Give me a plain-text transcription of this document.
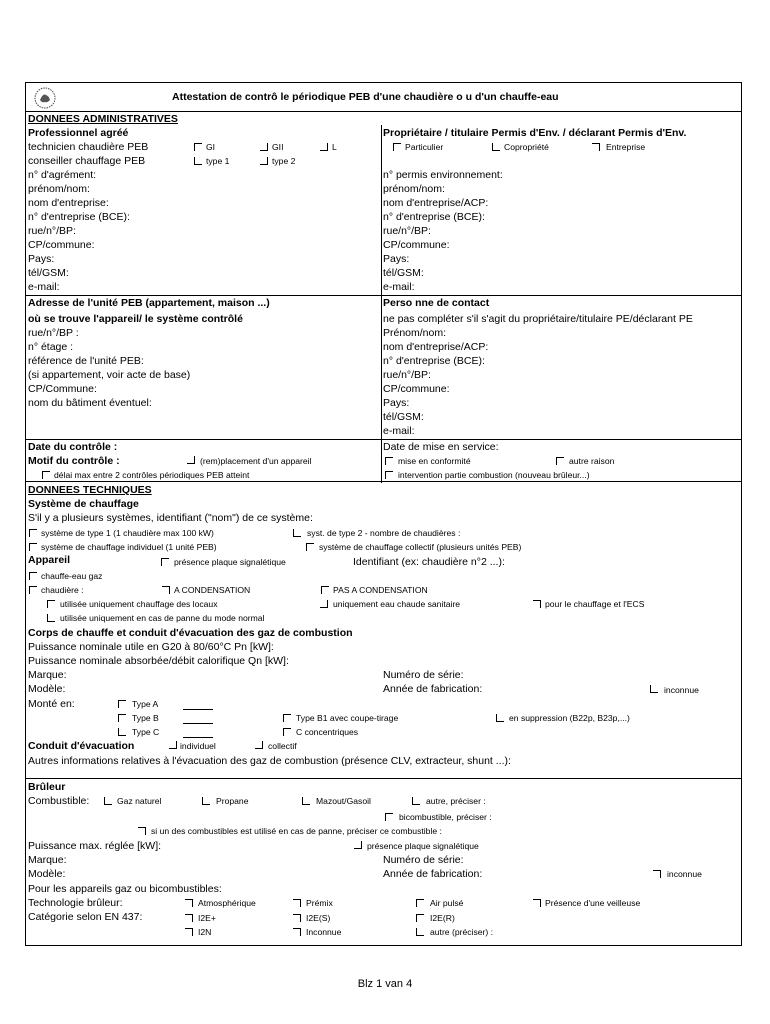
Attestation de contrô le périodique PEB d'une chaudière o u d'un chauffe-eau
DONNEES ADMINISTRATIVES
Professionnel agréé
technicien chaudière PEB	GI	GII	L
conseiller chauffage PEB	type 1	type 2
n° d'agrément:
prénom/nom:
nom d'entreprise:
n° d'entreprise (BCE):
rue/n°/BP:
CP/commune:
Pays:
tél/GSM:
e-mail:
Propriétaire / titulaire Permis d'Env. / déclarant Permis d'Env.
Particulier	Copropriété	Entreprise
n° permis environnement:
prénom/nom:
nom d'entreprise/ACP:
n° d'entreprise (BCE):
rue/n°/BP:
CP/commune:
Pays:
tél/GSM:
e-mail:
Adresse de l'unité PEB (appartement, maison ...)
où se trouve l'appareil/ le système contrôlé
rue/n°/BP :
n° étage :
référence de l'unité PEB:
(si appartement, voir acte de base)
CP/Commune:
nom du bâtiment éventuel:
Perso nne de contact
ne pas compléter s'il s'agit du propriétaire/titulaire PE/déclarant PE
Prénom/nom:
nom d'entreprise/ACP:
n° d'entreprise (BCE):
rue/n°/BP:
CP/commune:
Pays:
tél/GSM:
e-mail:
Date du contrôle :
Motif du contrôle :	(rem)placement d'un appareil
délai max entre 2 contrôles périodiques PEB atteint
Date de mise en service:
mise en conformité	autre raison
intervention partie combustion (nouveau brûleur...)
DONNEES TECHNIQUES
Système de chauffage
S'il y a plusieurs systèmes, identifiant ("nom") de ce système:
système de type 1 (1 chaudière max 100 kW)	syst. de type 2 - nombre de chaudières :
système de chauffage individuel (1 unité PEB)	système de chauffage collectif (plusieurs unités PEB)
Appareil	présence plaque signalétique	Identifiant (ex: chaudière n°2 ...):
chauffe-eau gaz
chaudière :	A CONDENSATION	PAS A CONDENSATION
utilisée uniquement chauffage des locaux	uniquement eau chaude sanitaire	pour le chauffage et l'ECS
utilisée uniquement en cas de panne du mode normal
Corps de chauffe et conduit d'évacuation des gaz de combustion
Puissance nominale utile en G20 à 80/60°C Pn [kW]:
Puissance nominale absorbée/débit calorifique Qn [kW]:
Marque:	Numéro de série:
Modèle:	Année de fabrication:	inconnue
Monté en:	Type A
Type B	Type B1 avec coupe-tirage	en suppression (B22p, B23p,...)
Type C	C concentriques
Conduit d'évacuation	individuel	collectif
Autres informations relatives à l'évacuation des gaz de combustion (présence CLV, extracteur, shunt ...):
Brûleur
Combustible:	Gaz naturel	Propane	Mazout/Gasoil	autre, préciser :
bicombustible, préciser :
si un des combustibles est utilisé en cas de panne, préciser ce combustible :
Puissance max. réglée [kW]:	présence plaque signalétique
Marque:	Numéro de série:
Modèle:	Année de fabrication:	inconnue
Pour les appareils gaz ou bicombustibles:
Technologie brûleur:	Atmosphérique	Prémix	Air pulsé	Présence d'une veilleuse
Catégorie selon EN 437:	I2E+	I2E(S)	I2E(R)
I2N	Inconnue	autre (préciser) :
Blz 1 van 4
